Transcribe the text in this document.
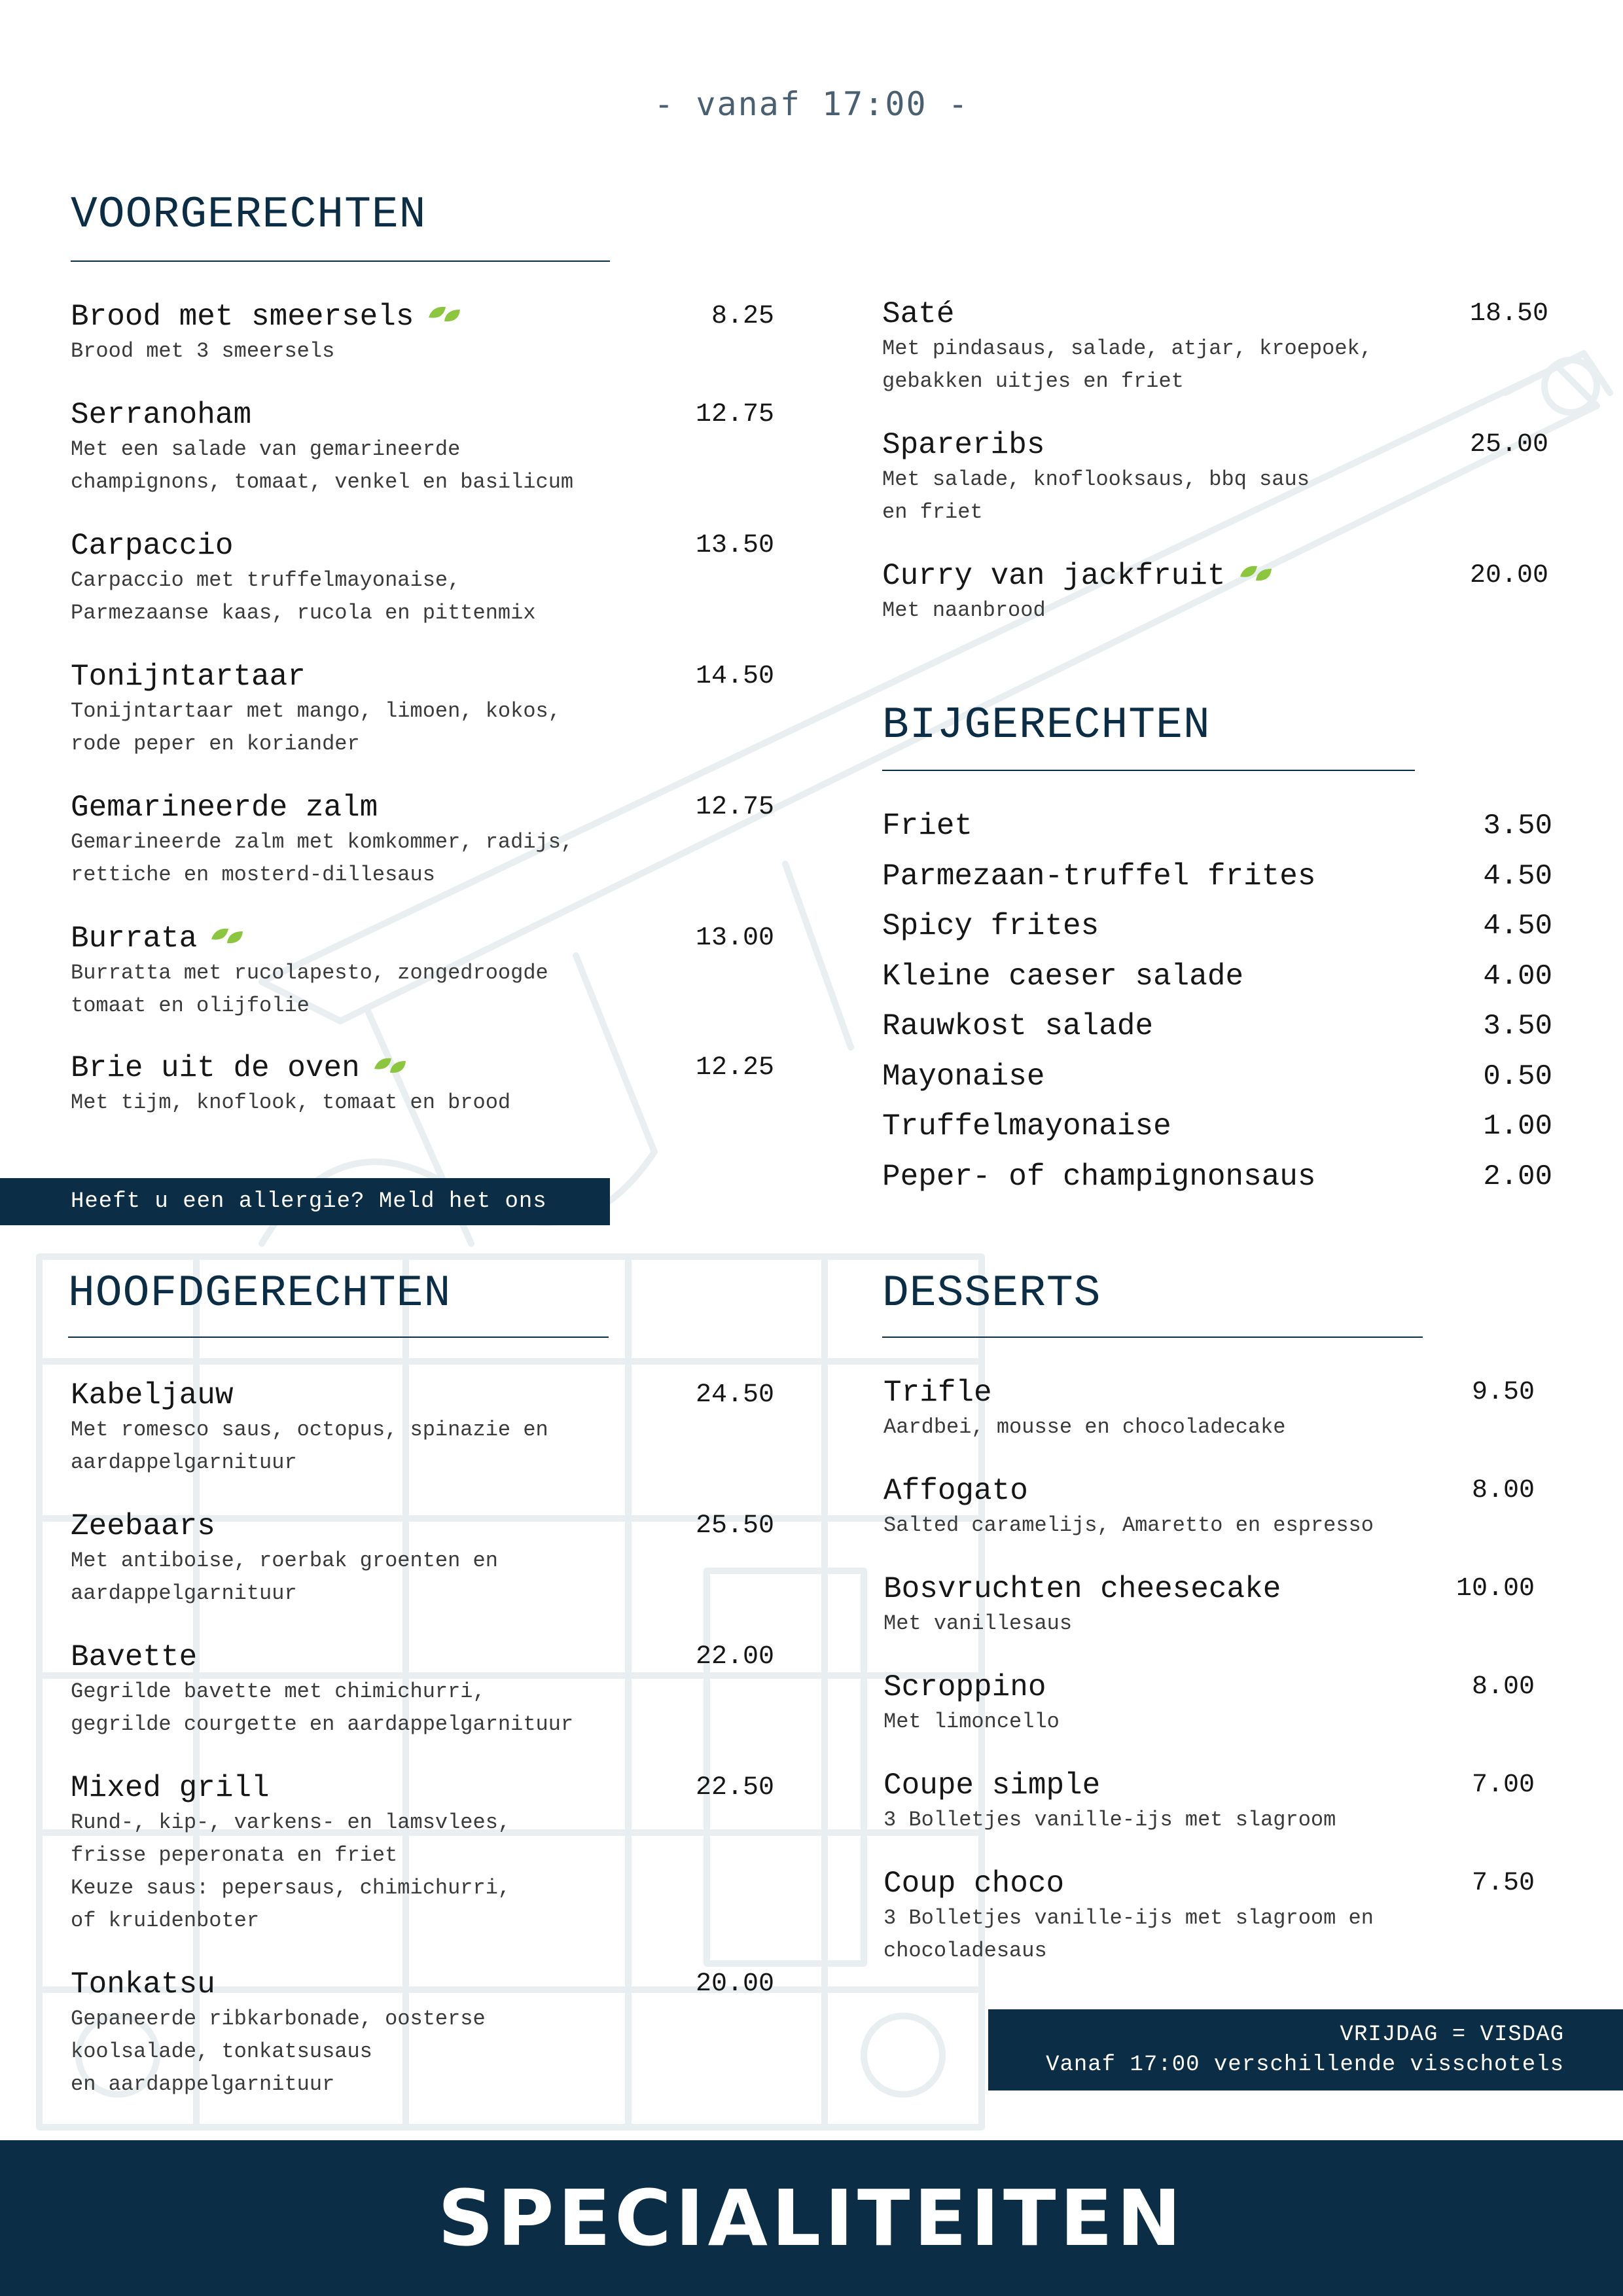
- vanaf 17:00 -
VOORGERECHTEN
Brood met smeersels	8.25
Brood met 3 smeersels
Serranoham	12.75
Met een salade van gemarineerde
champignons, tomaat, venkel en basilicum
Carpaccio	13.50
Carpaccio met truffelmayonaise,
Parmezaanse kaas, rucola en pittenmix
Tonijntartaar	14.50
Tonijntartaar met mango, limoen, kokos,
rode peper en koriander
Gemarineerde zalm	12.75
Gemarineerde zalm met komkommer, radijs,
rettiche en mosterd-dillesaus
Burrata	13.00
Burratta met rucolapesto, zongedroogde
tomaat en olijfolie
Brie uit de oven	12.25
Met tijm, knoflook, tomaat en brood
Saté	18.50
Met pindasaus, salade, atjar, kroepoek,
gebakken uitjes en friet
Spareribs	25.00
Met salade, knoflooksaus, bbq saus
en friet
Curry van jackfruit	20.00
Met naanbrood
Heeft u een allergie? Meld het ons
BIJGERECHTEN
Friet	3.50
Parmezaan-truffel frites	4.50
Spicy frites	4.50
Kleine caeser salade	4.00
Rauwkost salade	3.50
Mayonaise	0.50
Truffelmayonaise	1.00
Peper- of champignonsaus	2.00
HOOFDGERECHTEN
Kabeljauw	24.50
Met romesco saus, octopus, spinazie en
aardappelgarnituur
Zeebaars	25.50
Met antiboise, roerbak groenten en
aardappelgarnituur
Bavette	22.00
Gegrilde bavette met chimichurri,
gegrilde courgette en aardappelgarnituur
Mixed grill	22.50
Rund-, kip-, varkens- en lamsvlees,
frisse peperonata en friet
Keuze saus: pepersaus, chimichurri,
of kruidenboter
Tonkatsu	20.00
Gepaneerde ribkarbonade, oosterse
koolsalade, tonkatsusaus
en aardappelgarnituur
DESSERTS
Trifle	9.50
Aardbei, mousse en chocoladecake
Affogato	8.00
Salted caramelijs, Amaretto en espresso
Bosvruchten cheesecake	10.00
Met vanillesaus
Scroppino	8.00
Met limoncello
Coupe simple	7.00
3 Bolletjes vanille-ijs met slagroom
Coup choco	7.50
3 Bolletjes vanille-ijs met slagroom en
chocoladesaus
VRIJDAG = VISDAG
Vanaf 17:00 verschillende visschotels
SPECIALITEITEN
